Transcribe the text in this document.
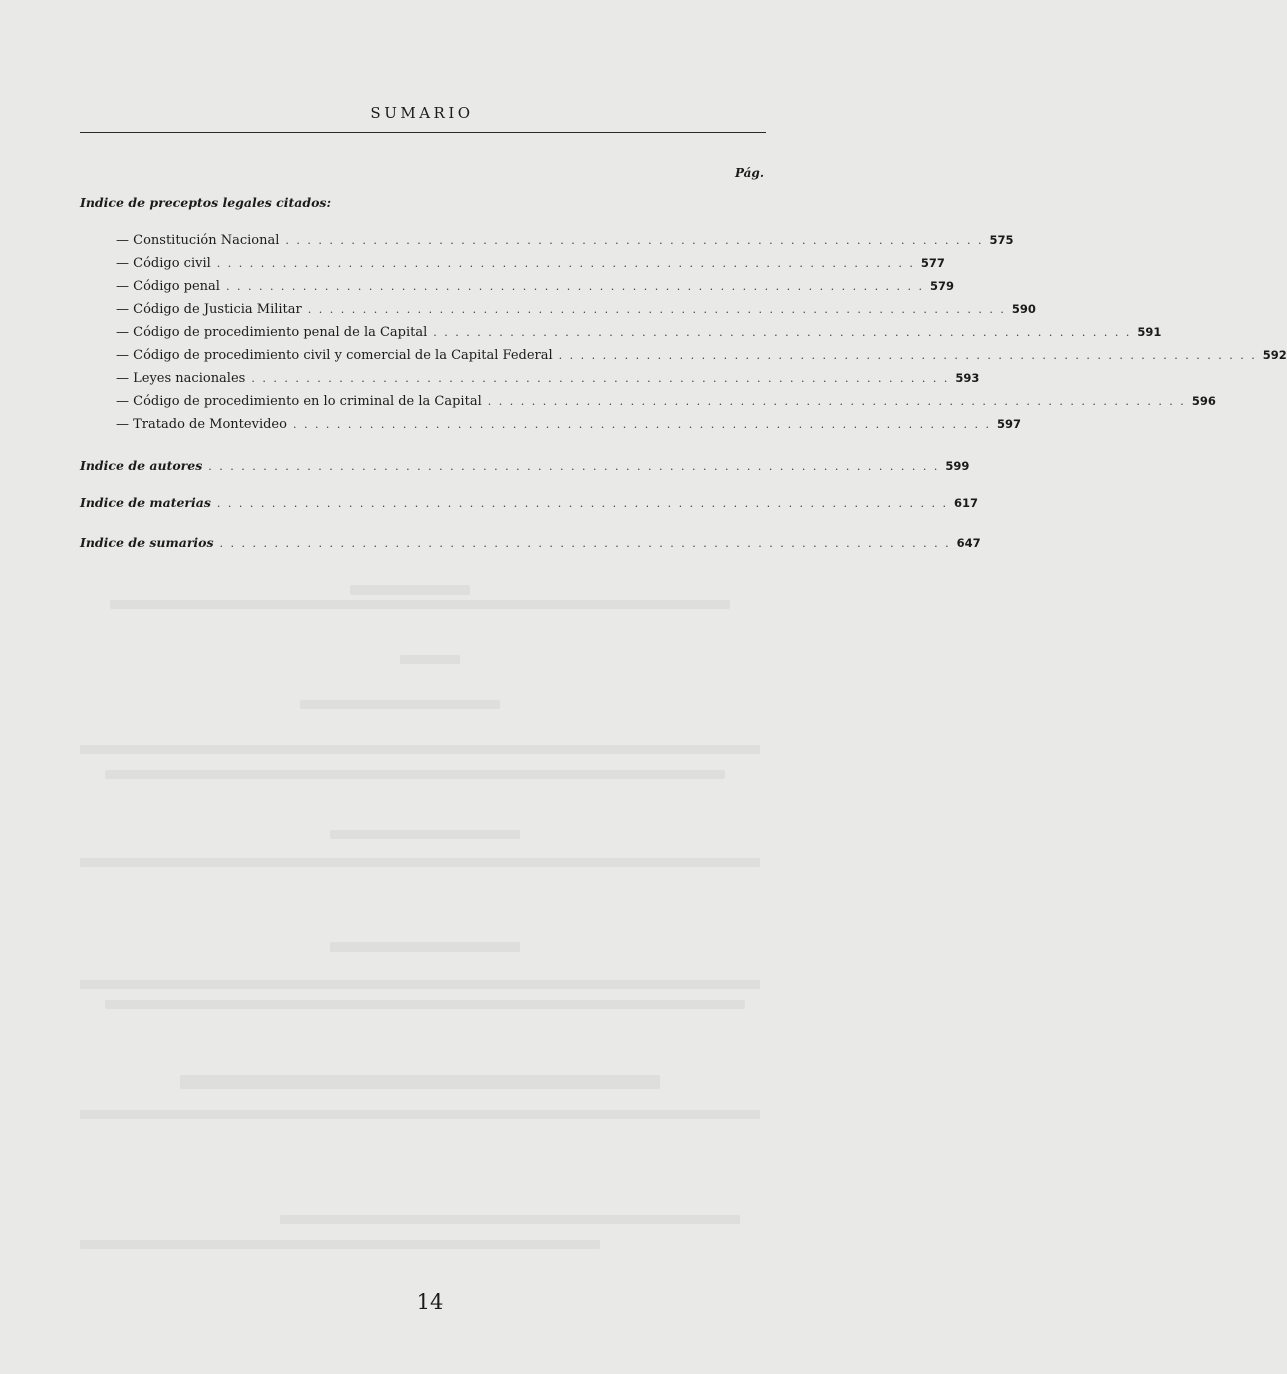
SUMARIO
Pág.
Indice de preceptos legales citados:
— Constitución Nacional . . . . . . . . . . . . . . . . . . . . . . . . . . . . . . . . . . . . . . . . . . . . . . . . . . . . . . . . . . . . . . . . 575
— Código civil . . . . . . . . . . . . . . . . . . . . . . . . . . . . . . . . . . . . . . . . . . . . . . . . . . . . . . . . . . . . . . . . 577
— Código penal . . . . . . . . . . . . . . . . . . . . . . . . . . . . . . . . . . . . . . . . . . . . . . . . . . . . . . . . . . . . . . . . 579
— Código de Justicia Militar . . . . . . . . . . . . . . . . . . . . . . . . . . . . . . . . . . . . . . . . . . . . . . . . . . . . . . . . . . . . . . . . 590
— Código de procedimiento penal de la Capital . . . . . . . . . . . . . . . . . . . . . . . . . . . . . . . . . . . . . . . . . . . . . . . . . . . . . . . . . . . . . . . . 591
— Código de procedimiento civil y comercial de la Capital Federal . . . . . . . . . . . . . . . . . . . . . . . . . . . . . . . . . . . . . . . . . . . . . . . . . . . . . . . . . . . . . . . . 592
— Leyes nacionales . . . . . . . . . . . . . . . . . . . . . . . . . . . . . . . . . . . . . . . . . . . . . . . . . . . . . . . . . . . . . . . . 593
— Código de procedimiento en lo criminal de la Capital . . . . . . . . . . . . . . . . . . . . . . . . . . . . . . . . . . . . . . . . . . . . . . . . . . . . . . . . . . . . . . . . 596
— Tratado de Montevideo . . . . . . . . . . . . . . . . . . . . . . . . . . . . . . . . . . . . . . . . . . . . . . . . . . . . . . . . . . . . . . . . 597
Indice de autores . . . . . . . . . . . . . . . . . . . . . . . . . . . . . . . . . . . . . . . . . . . . . . . . . . . . . . . . . . . . . . . . . . . 599
Indice de materias . . . . . . . . . . . . . . . . . . . . . . . . . . . . . . . . . . . . . . . . . . . . . . . . . . . . . . . . . . . . . . . . . . . 617
Indice de sumarios . . . . . . . . . . . . . . . . . . . . . . . . . . . . . . . . . . . . . . . . . . . . . . . . . . . . . . . . . . . . . . . . . . . 647
14
